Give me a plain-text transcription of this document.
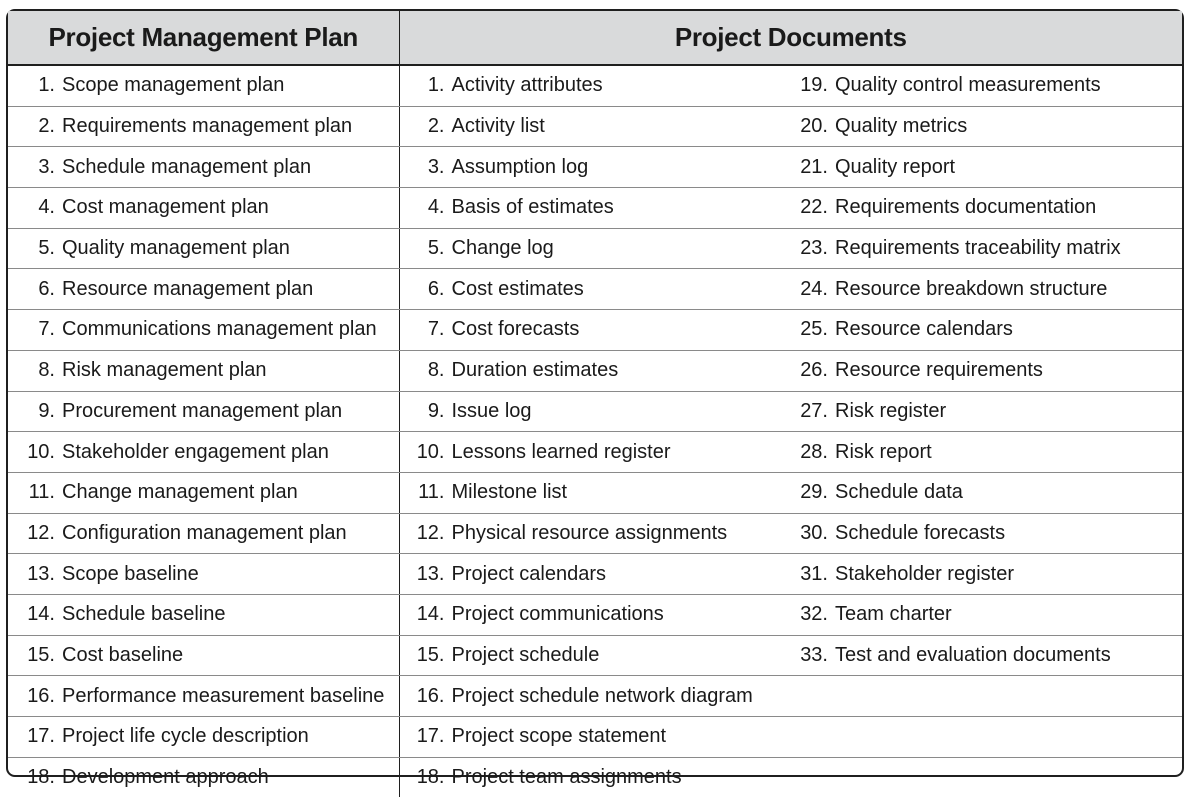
Project Management Plan	Project Documents	
1. Scope management plan	1. Activity attributes	19. Quality control measurements
2. Requirements management plan	2. Activity list	20. Quality metrics
3. Schedule management plan	3. Assumption log	21. Quality report
4. Cost management plan	4. Basis of estimates	22. Requirements documentation
5. Quality management plan	5. Change log	23. Requirements traceability matrix
6. Resource management plan	6. Cost estimates	24. Resource breakdown structure
7. Communications management plan	7. Cost forecasts	25. Resource calendars
8. Risk management plan	8. Duration estimates	26. Resource requirements
9. Procurement management plan	9. Issue log	27. Risk register
10. Stakeholder engagement plan	10. Lessons learned register	28. Risk report
11. Change management plan	11. Milestone list	29. Schedule data
12. Configuration management plan	12. Physical resource assignments	30. Schedule forecasts
13. Scope baseline	13. Project calendars	31. Stakeholder register
14. Schedule baseline	14. Project communications	32. Team charter
15. Cost baseline	15. Project schedule	33. Test and evaluation documents
16. Performance measurement baseline	16. Project schedule network diagram	
17. Project life cycle description	17. Project scope statement	
18. Development approach	18. Project team assignments	
